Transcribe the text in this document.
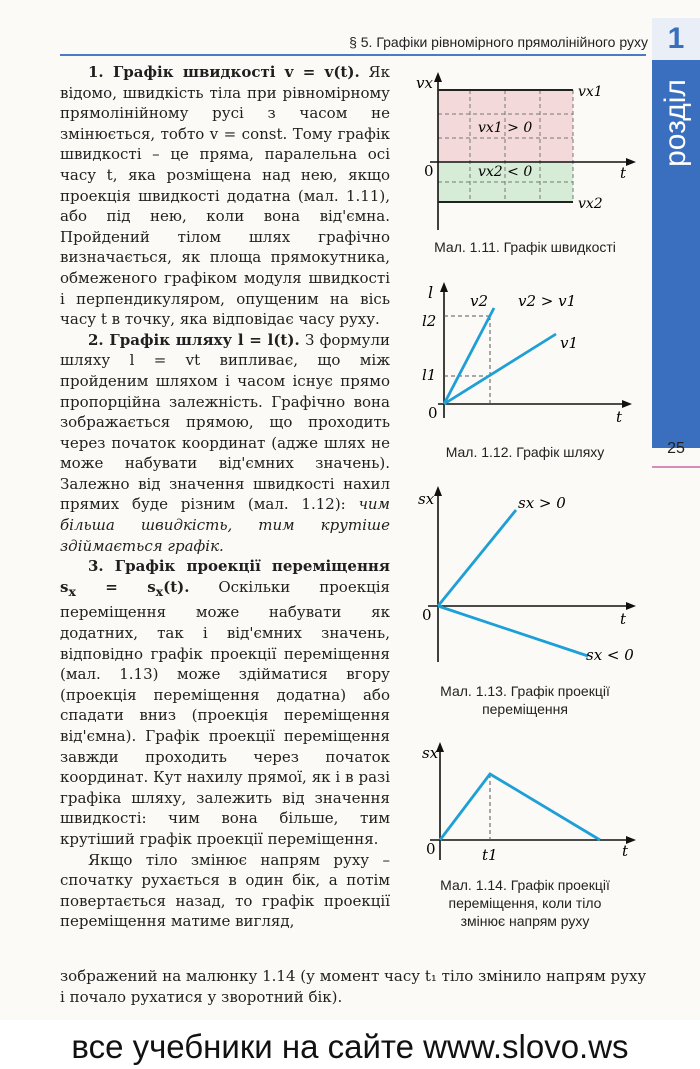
§ 5. Графіки рівномірного прямолінійного руху 1
розділ
25

1. Графік швидкості v = v(t). Як відомо, швидкість тіла при рівномірному прямолінійному русі з часом не змінюється, тобто v = const. Тому графік швидкості – це пряма, паралельна осі часу t, яка розміщена над нею, якщо проекція швидкості додатна (мал. 1.11), або під нею, коли вона від'ємна. Пройдений тілом шлях графічно визначається, як площа прямокутника, обмеженого графіком модуля швидкості і перпендикуляром, опущеним на вісь часу t в точку, яка відповідає часу руху.

2. Графік шляху l = l(t). З формули шляху l = vt випливає, що між пройденим шляхом і часом існує прямо пропорційна залежність. Графічно вона зображається прямою, що проходить через початок координат (адже шлях не може набувати від'ємних значень). Залежно від значення швидкості нахил прямих буде різним (мал. 1.12): чим більша швидкість, тим крутіше здіймається графік.

3. Графік проекції переміщення $s_x = s_x(t)$. Оскільки проекція переміщення може набувати як додатних, так і від'ємних значень, відповідно графік проекції переміщення (мал. 1.13) може здійматися вгору (проекція переміщення додатна) або спадати вниз (проекція переміщення від'ємна). Графік проекції переміщення завжди проходить через початок координат. Кут нахилу прямої, як і в разі графіка шляху, залежить від значення швидкості: чим вона більше, тим крутіший графік проекції переміщення.

Якщо тіло змінює напрям руху – спочатку рухається в один бік, а потім повертається назад, то графік проекції переміщення матиме вигляд,

зображений на малюнку 1.14 (у момент часу t₁ тіло змінило напрям руху і почало рухатися у зворотний бік).
vx	vx1
vx2
vx1 > 0
vx2 < 0
0	t
Мал. 1.11. Графік швидкості
l
l2
l1
v2
v1
v2 > v1
0	t
Мал. 1.12. Графік шляху
sx	sx > 0
sx < 0
0	t
Мал. 1.13. Графік проекції
переміщення
sx
0	t1	t
Мал. 1.14. Графік проекції
переміщення, коли тіло
змінює напрям руху
все учебники на сайте www.slovo.ws
